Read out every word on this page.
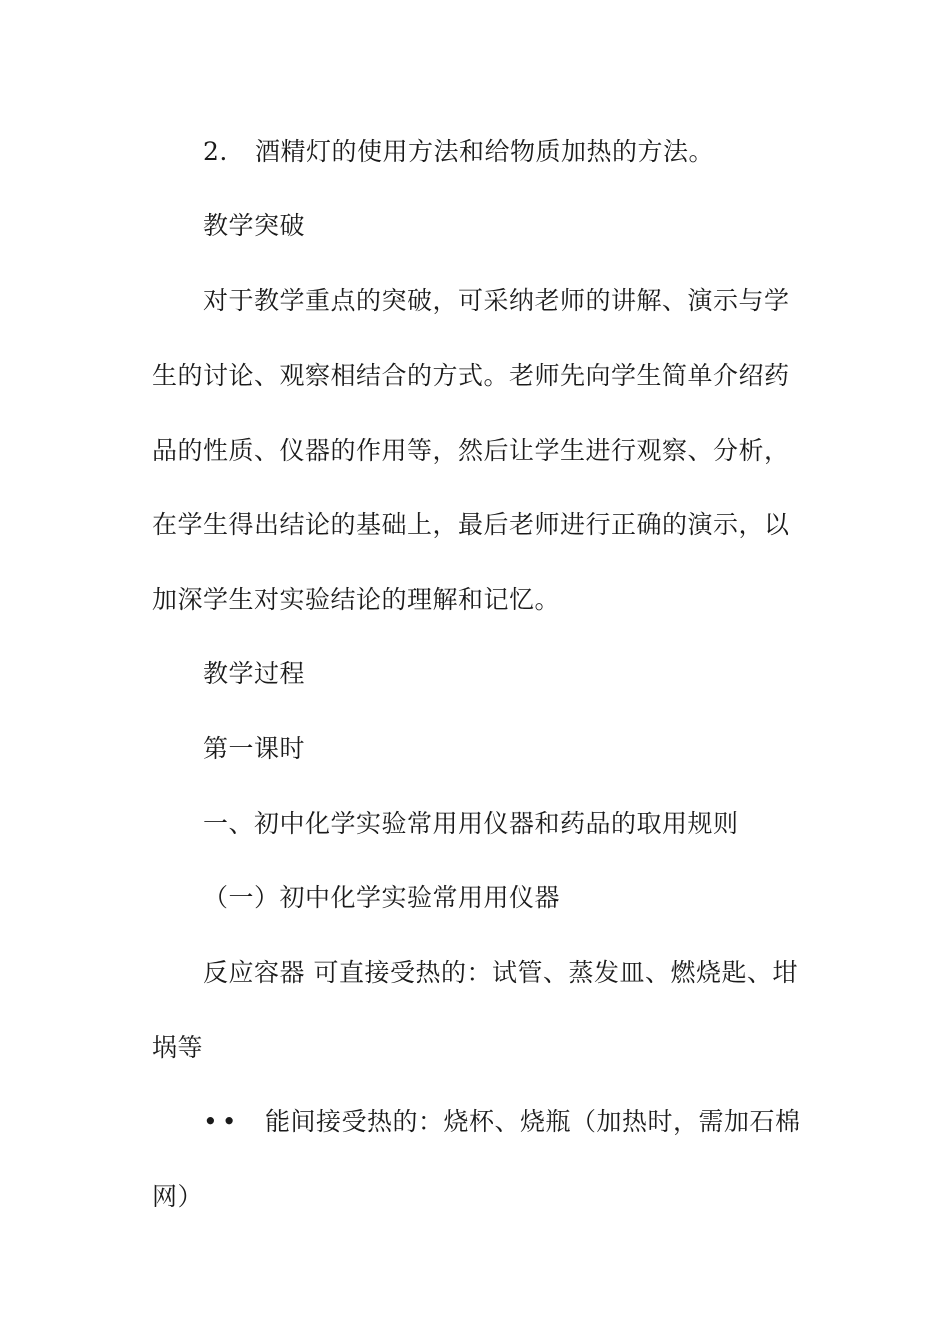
2. 酒精灯的使用方法和给物质加热的方法。
教学突破
对于教学重点的突破，可采纳老师的讲解、演示与学
生的讨论、观察相结合的方式。老师先向学生简单介绍药
品的性质、仪器的作用等，然后让学生进行观察、分析，
在学生得出结论的基础上，最后老师进行正确的演示，以
加深学生对实验结论的理解和记忆。
教学过程
第一课时
一、初中化学实验常用用仪器和药品的取用规则
（一）初中化学实验常用用仪器
反应容器 可直接受热的：试管、蒸发皿、燃烧匙、坩
埚等
•• 能间接受热的：烧杯、烧瓶（加热时，需加石棉
网）
